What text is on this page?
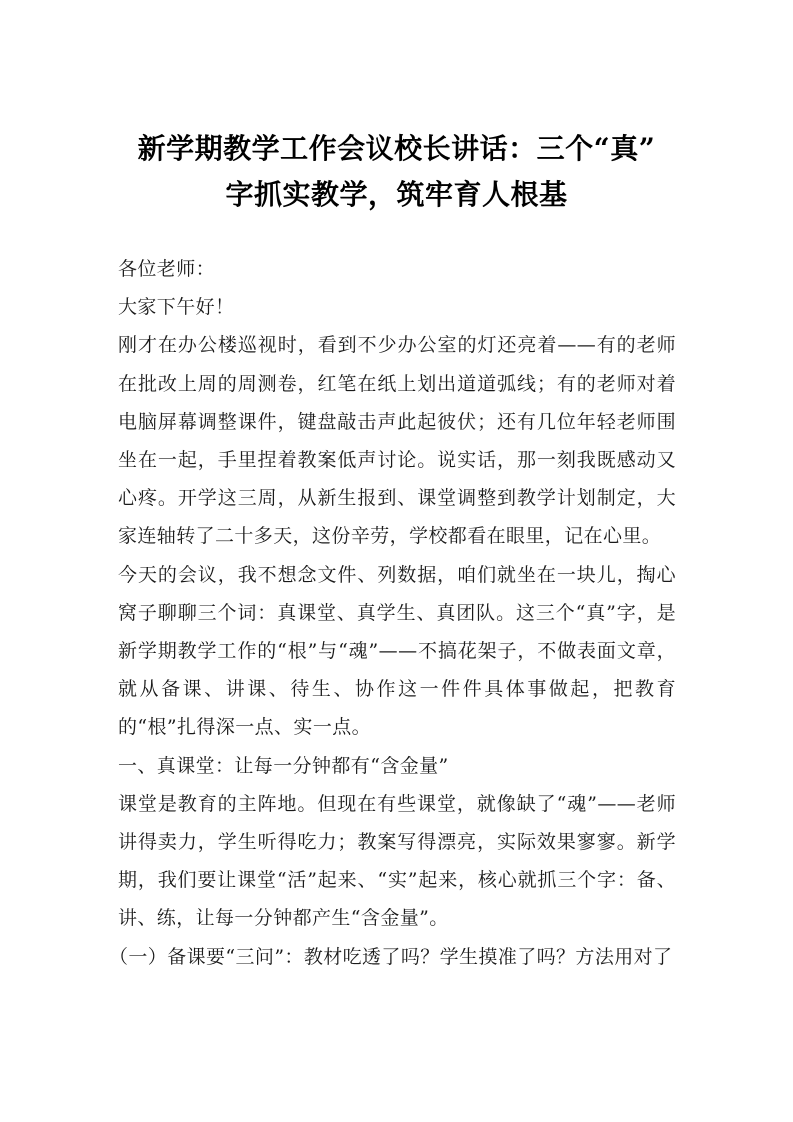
新学期教学工作会议校长讲话：三个“真”
字抓实教学，筑牢育人根基

各位老师：

大家下午好！

刚才在办公楼巡视时，看到不少办公室的灯还亮着——有的老师在批改上周的周测卷，红笔在纸上划出道道弧线；有的老师对着电脑屏幕调整课件，键盘敲击声此起彼伏；还有几位年轻老师围坐在一起，手里捏着教案低声讨论。说实话，那一刻我既感动又心疼。开学这三周，从新生报到、课堂调整到教学计划制定，大家连轴转了二十多天，这份辛劳，学校都看在眼里，记在心里。

今天的会议，我不想念文件、列数据，咱们就坐在一块儿，掏心窝子聊聊三个词：真课堂、真学生、真团队。这三个“真”字，是新学期教学工作的“根”与“魂”——不搞花架子，不做表面文章，就从备课、讲课、待生、协作这一件件具体事做起，把教育的“根”扎得深一点、实一点。

一、真课堂：让每一分钟都有“含金量”

课堂是教育的主阵地。但现在有些课堂，就像缺了“魂”——老师讲得卖力，学生听得吃力；教案写得漂亮，实际效果寥寥。新学期，我们要让课堂“活”起来、“实”起来，核心就抓三个字：备、讲、练，让每一分钟都产生“含金量”。

（一）备课要“三问”：教材吃透了吗？学生摸准了吗？方法用对了
